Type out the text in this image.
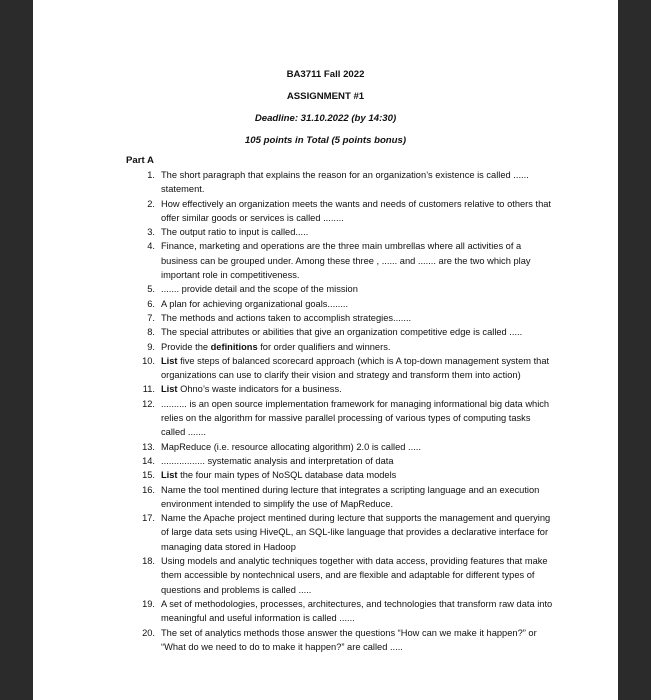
BA3711 Fall 2022
ASSIGNMENT #1
Deadline: 31.10.2022 (by 14:30)
105 points in Total (5 points bonus)
Part A
1. The short paragraph that explains the reason for an organization’s existence is called ...... statement.
2. How effectively an organization meets the wants and needs of customers relative to others that offer similar goods or services is called ........
3. The output ratio to input is called.....
4. Finance, marketing and operations are the three main umbrellas where all activities of a business can be grouped under. Among these three , ...... and ....... are the two which play important role in competitiveness.
5. ....... provide detail and the scope of the mission
6. A plan for achieving organizational goals........
7. The methods and actions taken to accomplish strategies.......
8. The special attributes or abilities that give an organization competitive edge is called .....
9. Provide the definitions for order qualifiers and winners.
10. List five steps of balanced scorecard approach (which is A top-down management system that organizations can use to clarify their vision and strategy and transform them into action)
11. List Ohno’s waste indicators for a business.
12. .......... is an open source implementation framework for managing informational big data which relies on the algorithm for massive parallel processing of various types of computing tasks called .......
13. MapReduce (i.e. resource allocating algorithm) 2.0 is called .....
14. ................. systematic analysis and interpretation of data
15. List the four main types of NoSQL database data models
16. Name the tool mentined during lecture that integrates a scripting language and an execution environment intended to simplify the use of MapReduce.
17. Name the Apache project mentined during lecture that supports the management and querying of large data sets using HiveQL, an SQL-like language that provides a declarative interface for managing data stored in Hadoop
18. Using models and analytic techniques together with data access, providing features that make them accessible by nontechnical users, and are flexible and adaptable for different types of questions and problems is called .....
19. A set of methodologies, processes, architectures, and technologies that transform raw data into meaningful and useful information is called ......
20. The set of analytics methods those answer the questions “How can we make it happen?” or “What do we need to do to make it happen?” are called .....
